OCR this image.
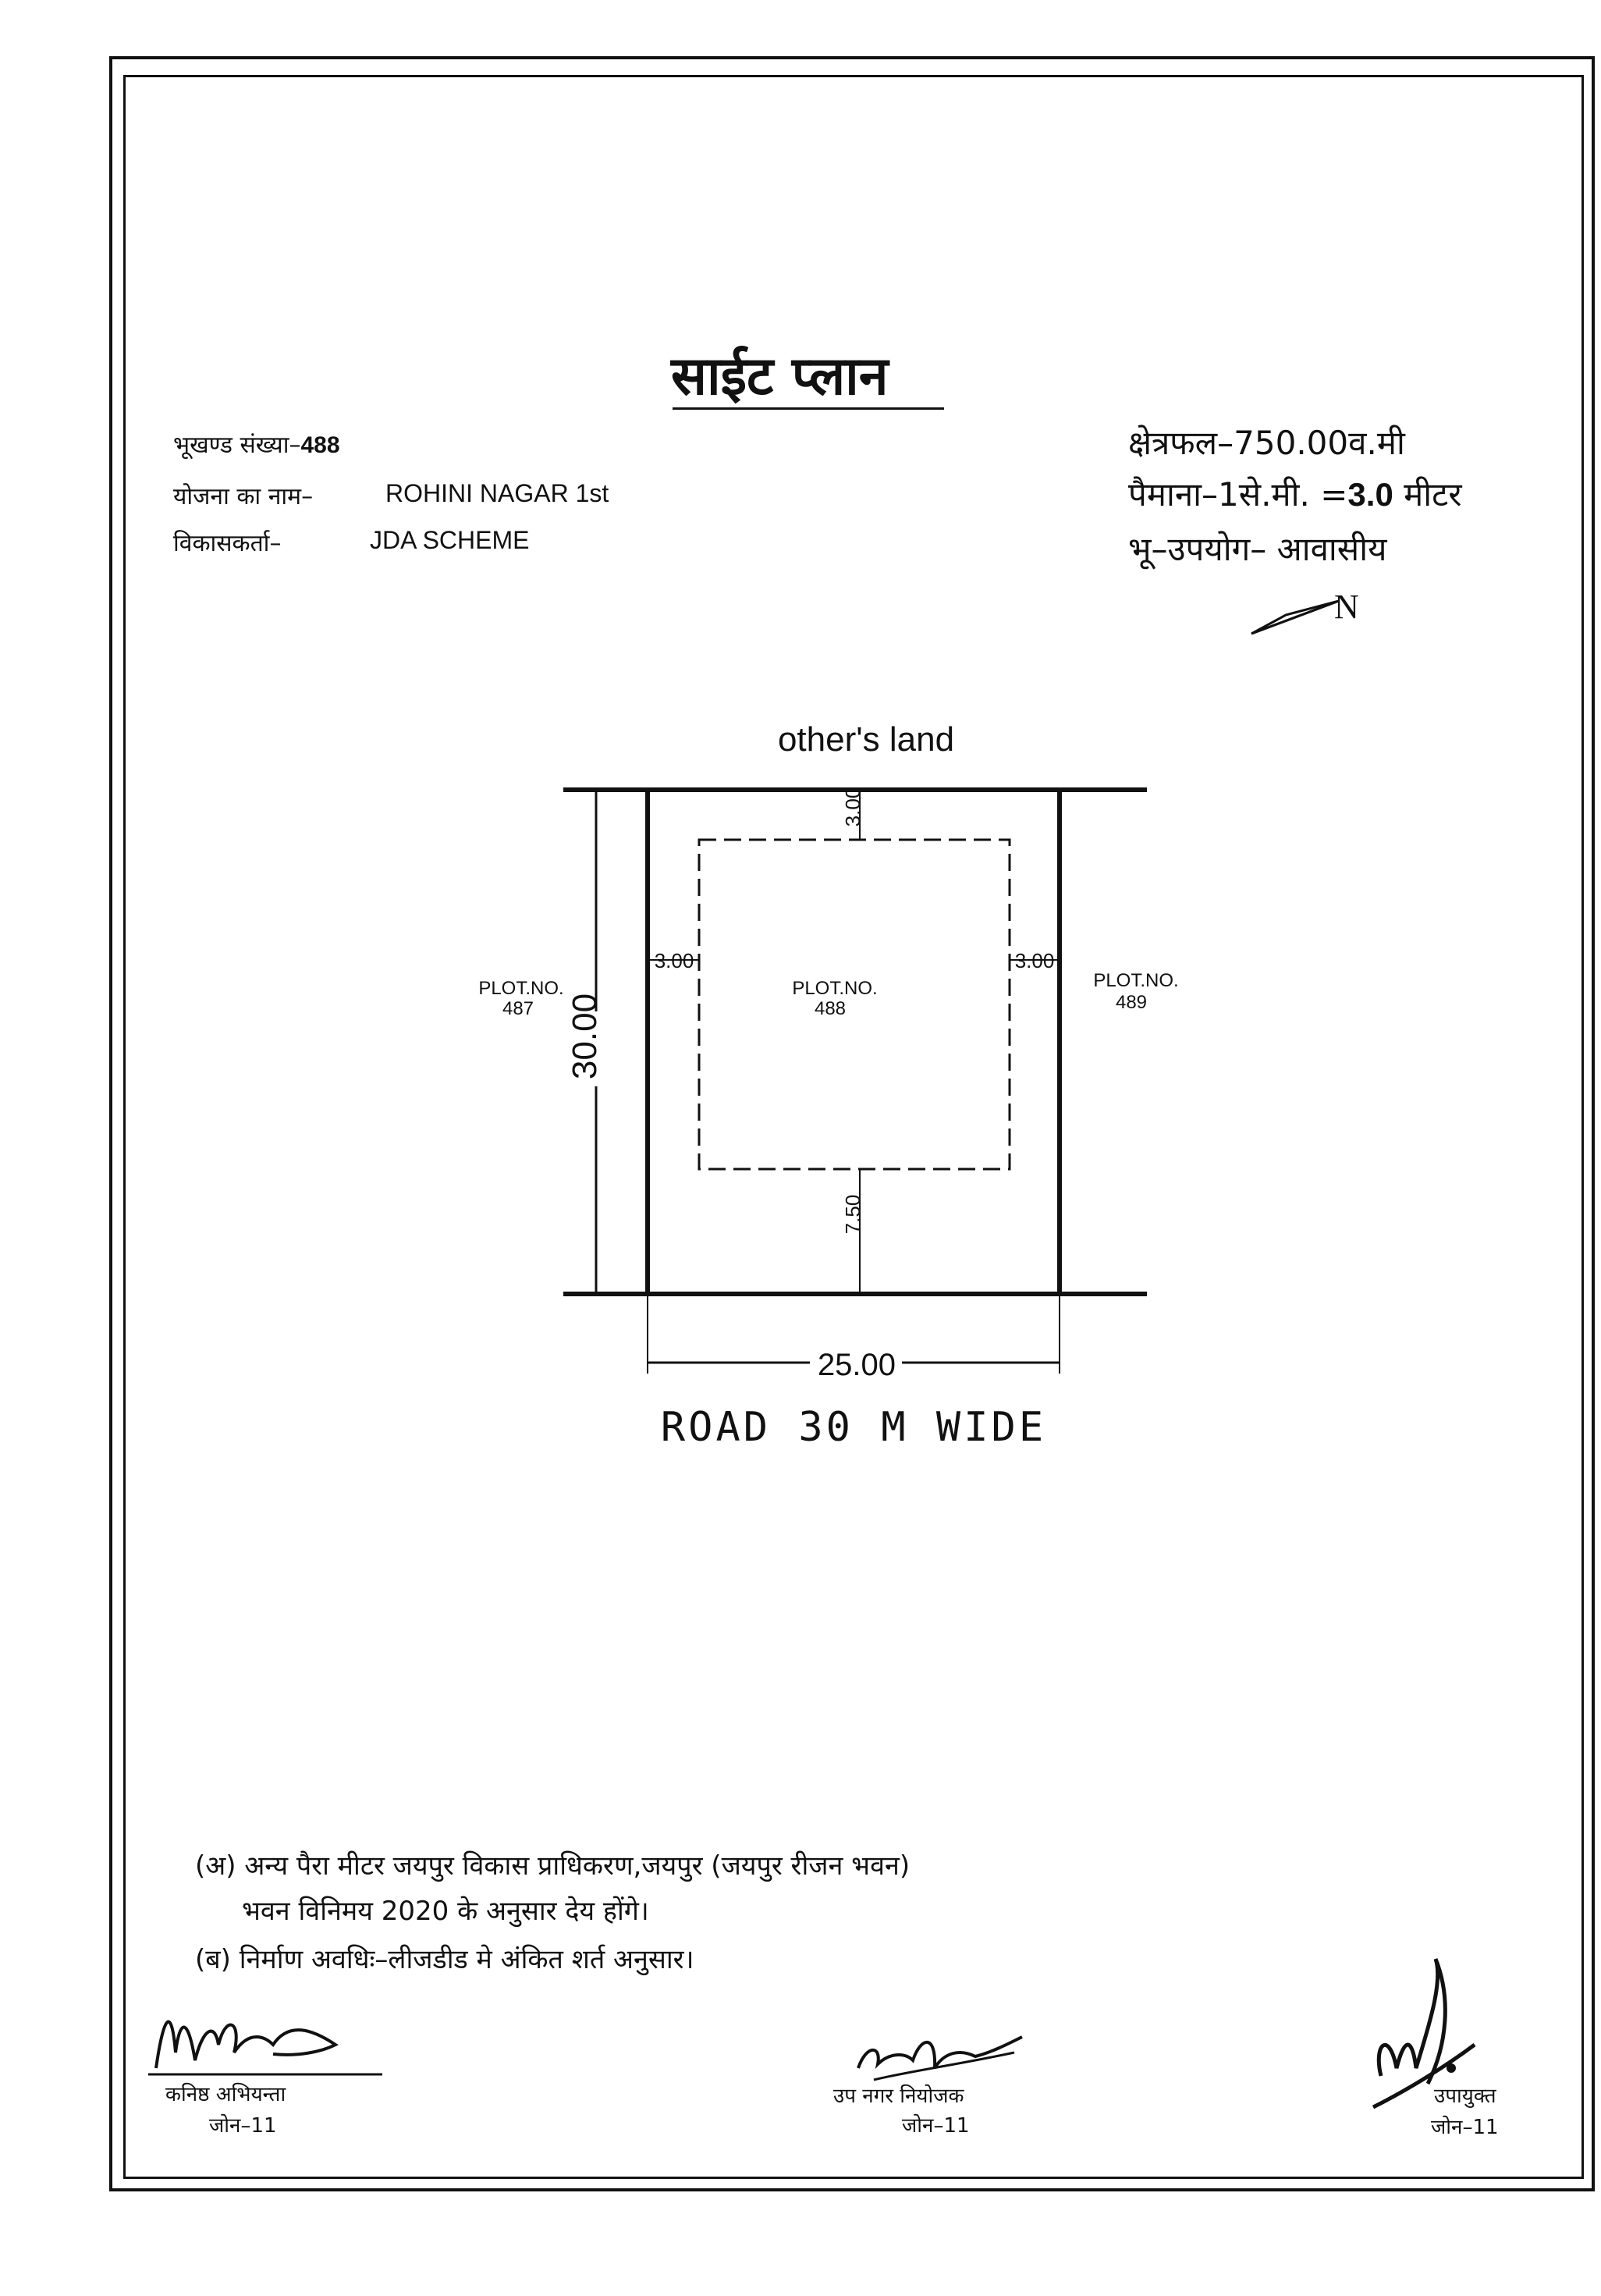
साईट प्लान
भूखण्ड संख्या–488
योजना का नाम–	ROHINI NAGAR 1st
विकासकर्ता–	JDA SCHEME
क्षेत्रफल–750.00व.मी
पैमाना–1से.मी. =3.0 मीटर
भू–उपयोग– आवासीय
N
other's land
30.00
25.00
3.00
7.50
3.00	3.00
PLOT.NO.
488
PLOT.NO.
487
PLOT.NO.
489
ROAD 30 M WIDE
(अ) अन्य पैरा मीटर जयपुर विकास प्राधिकरण,जयपुर (जयपुर रीजन भवन)
भवन विनिमय 2020 के अनुसार देय होंगे।
(ब) निर्माण अवधिः–लीजडीड मे अंकित शर्त अनुसार।
कनिष्ठ अभियन्ता
जोन–11
उप नगर नियोजक
जोन–11
उपायुक्त
जोन–11
